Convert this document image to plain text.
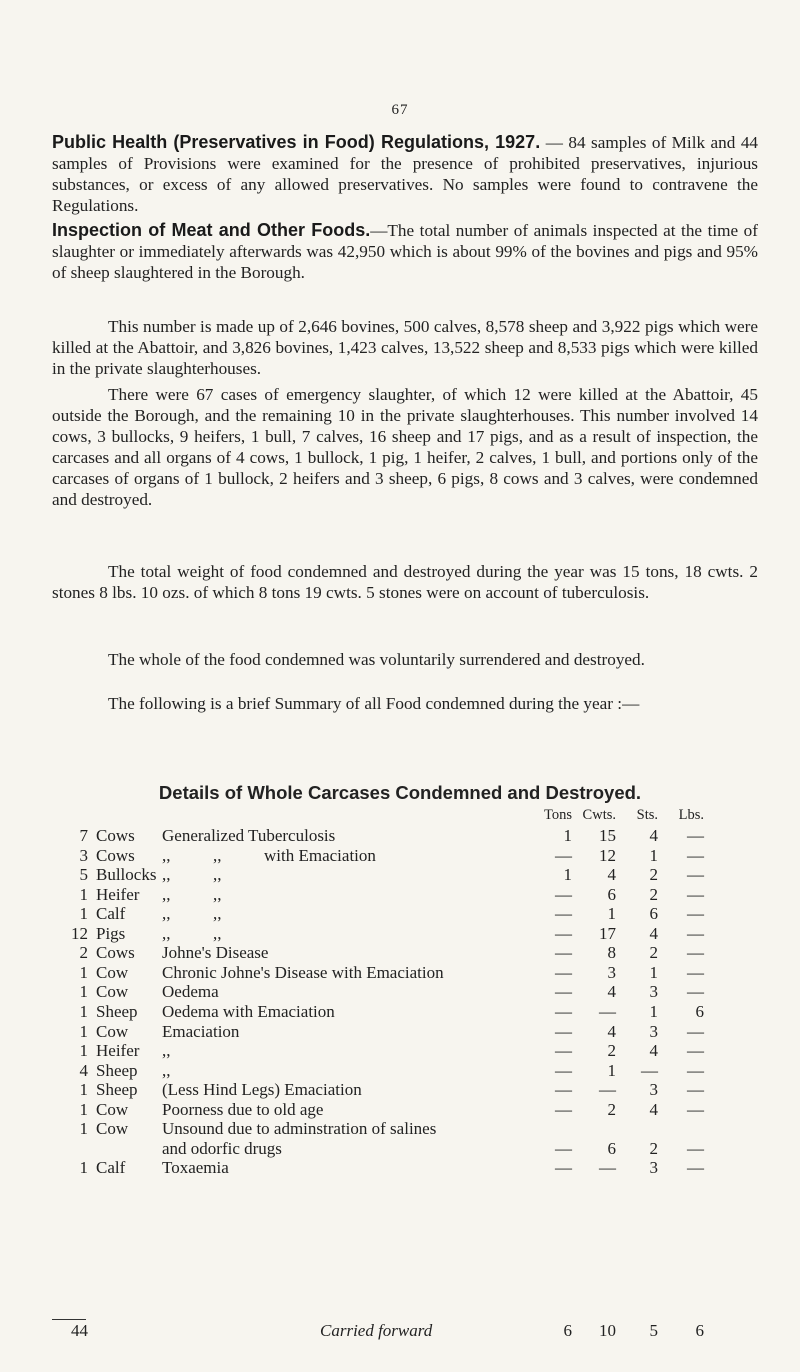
67

Public Health (Preservatives in Food) Regulations, 1927. — 84 samples of Milk and 44 samples of Provisions were examined for the presence of prohibited preservatives, injurious substances, or excess of any allowed preservatives. No samples were found to contravene the Regulations.

Inspection of Meat and Other Foods.—The total number of animals inspected at the time of slaughter or immediately afterwards was 42,950 which is about 99% of the bovines and pigs and 95% of sheep slaughtered in the Borough.

This number is made up of 2,646 bovines, 500 calves, 8,578 sheep and 3,922 pigs which were killed at the Abattoir, and 3,826 bovines, 1,423 calves, 13,522 sheep and 8,533 pigs which were killed in the private slaughterhouses.

There were 67 cases of emergency slaughter, of which 12 were killed at the Abattoir, 45 outside the Borough, and the remaining 10 in the private slaughterhouses. This number involved 14 cows, 3 bullocks, 9 heifers, 1 bull, 7 calves, 16 sheep and 17 pigs, and as a result of inspection, the carcases and all organs of 4 cows, 1 bullock, 1 pig, 1 heifer, 2 calves, 1 bull, and portions only of the carcases of organs of 1 bullock, 2 heifers and 3 sheep, 6 pigs, 8 cows and 3 calves, were condemned and destroyed.

The total weight of food condemned and destroyed during the year was 15 tons, 18 cwts. 2 stones 8 lbs. 10 ozs. of which 8 tons 19 cwts. 5 stones were on account of tuberculosis.

The whole of the food condemned was voluntarily surrendered and destroyed.

The following is a brief Summary of all Food condemned during the year :—

Details of Whole Carcases Condemned and Destroyed.
Tons Cwts.	Sts.	Lbs.
7 Cows Generalized Tuberculosis	1	15	4	—
3 Cows ,,          ,,          with Emaciation	—	12	1	—
5 Bullocks ,,          ,,	1	4	2	—
1 Heifer ,,          ,,	—	6	2	—
1 Calf ,,          ,,	—	1	6	—
12 Pigs ,,          ,,	—	17	4	—
2 Cows Johne's Disease	—	8	2	—
1 Cow Chronic Johne's Disease with Emaciation	—	3	1	—
1 Cow Oedema	—	4	3	—
1 Sheep Oedema with Emaciation	—	—	1	6
1 Cow Emaciation	—	4	3	—
1 Heifer ,,	—	2	4	—
4 Sheep ,,	—	1	—	—
1 Sheep (Less Hind Legs) Emaciation	—	—	3	—
1 Cow Poorness due to old age	—	2	4	—
1 Cow Unsound due to adminstration of salines
and odorfic drugs	—	6	2	—
1 Calf Toxaemia	—	—	3	—
44	Carried forward	6	10	5	6
